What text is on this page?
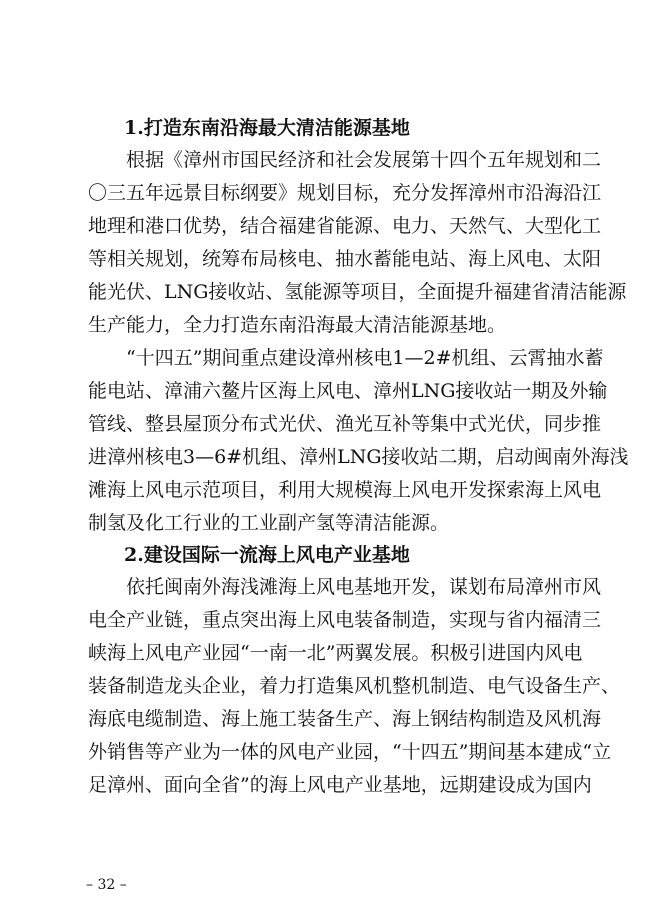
1.打造东南沿海最大清洁能源基地
根据《漳州市国民经济和社会发展第十四个五年规划和二
〇三五年远景目标纲要》规划目标，充分发挥漳州市沿海沿江
地理和港口优势，结合福建省能源、电力、天然气、大型化工
等相关规划，统筹布局核电、抽水蓄能电站、海上风电、太阳
能光伏、LNG接收站、氢能源等项目，全面提升福建省清洁能源
生产能力，全力打造东南沿海最大清洁能源基地。
“十四五”期间重点建设漳州核电1—2#机组、云霄抽水蓄
能电站、漳浦六鳌片区海上风电、漳州LNG接收站一期及外输
管线、整县屋顶分布式光伏、渔光互补等集中式光伏，同步推
进漳州核电3—6#机组、漳州LNG接收站二期，启动闽南外海浅
滩海上风电示范项目，利用大规模海上风电开发探索海上风电
制氢及化工行业的工业副产氢等清洁能源。
2.建设国际一流海上风电产业基地
依托闽南外海浅滩海上风电基地开发，谋划布局漳州市风
电全产业链，重点突出海上风电装备制造，实现与省内福清三
峡海上风电产业园“一南一北”两翼发展。积极引进国内风电
装备制造龙头企业，着力打造集风机整机制造、电气设备生产、
海底电缆制造、海上施工装备生产、海上钢结构制造及风机海
外销售等产业为一体的风电产业园，“十四五”期间基本建成“立
足漳州、面向全省”的海上风电产业基地，远期建设成为国内
– 32 –
